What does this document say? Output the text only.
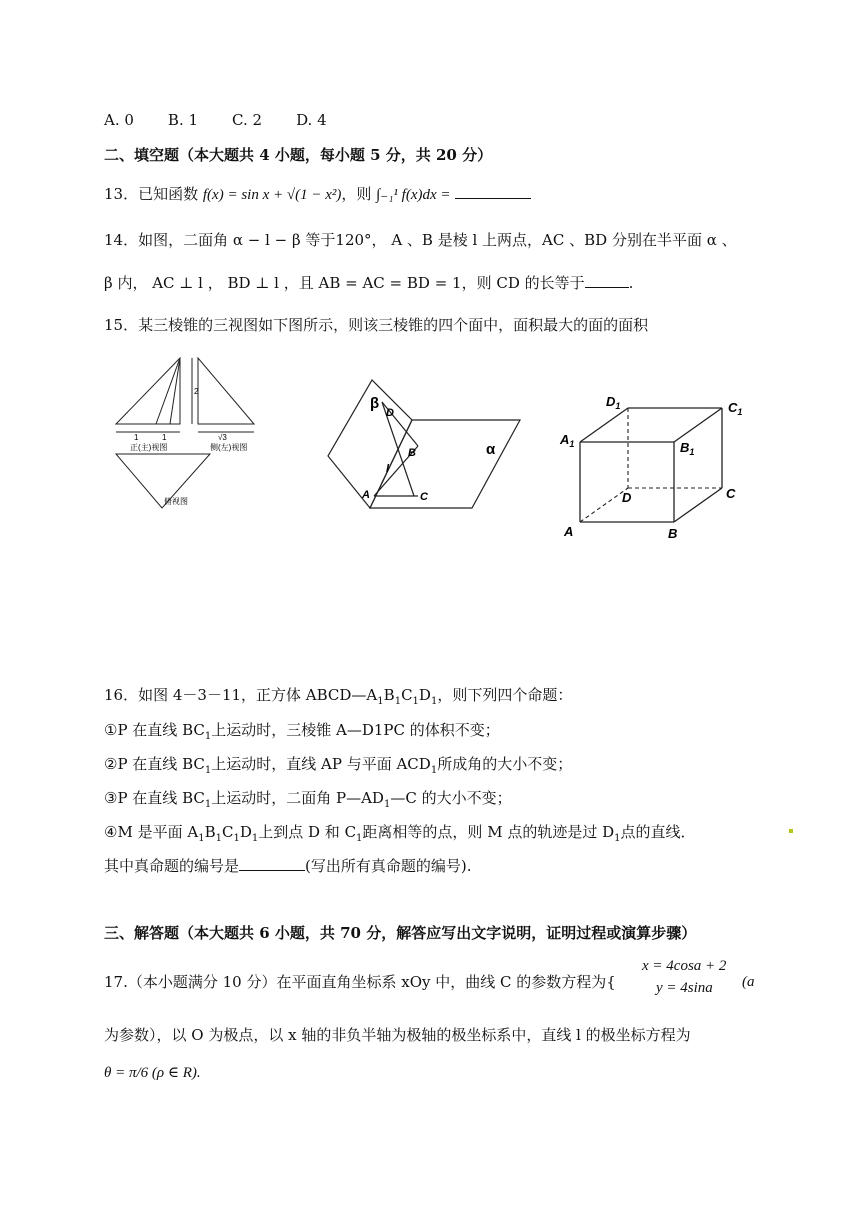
A. 0 B. 1 C. 2 D. 4
二、填空题（本大题共 4 小题，每小题 5 分，共 20 分）
13．已知函数 f(x) = sin x + √(1 − x²)，则 ∫₋₁¹ f(x)dx =
14．如图，二面角 α − l − β 等于120°， A 、B 是棱 l 上两点，AC 、BD 分别在半平面 α 、
β 内， AC ⊥ l ， BD ⊥ l ，且 AB = AC = BD = 1，则 CD 的长等于	.
15．某三棱锥的三视图如下图所示，则该三棱锥的四个面中，面积最大的面的面积
1	1
2
√3
正(主)视图	侧(左)视图
俯视图
β
D
B	α
l
A	C
$D_1$	$C_1$
$A_1$	$B_1$
D	C
A	B
16．如图 4－3－11，正方体 $ABCD—A_1B_1C_1D_1$，则下列四个命题：
①P 在直线 $BC_1$上运动时，三棱锥 A—D1PC 的体积不变；
②P 在直线 $BC_1$上运动时，直线 AP 与平面 $ACD_1$所成角的大小不变；
③P 在直线 $BC_1$上运动时，二面角 $P—AD_1—C$ 的大小不变；
④M 是平面 $A_1B_1C_1D_1$上到点 D 和 $C_1$距离相等的点，则 M 点的轨迹是过 $D_1$点的直线．
其中真命题的编号是	(写出所有真命题的编号).
三、解答题（本大题共 6 小题，共 70 分，解答应写出文字说明，证明过程或演算步骤）
17.（本小题满分 10 分）在平面直角坐标系 xOy 中，曲线 C 的参数方程为{
x = 4cosa + 2
y = 4sina	(a
为参数），以 O 为极点，以 x 轴的非负半轴为极轴的极坐标系中，直线 l 的极坐标方程为
θ = π/6 (ρ ∈ R).
